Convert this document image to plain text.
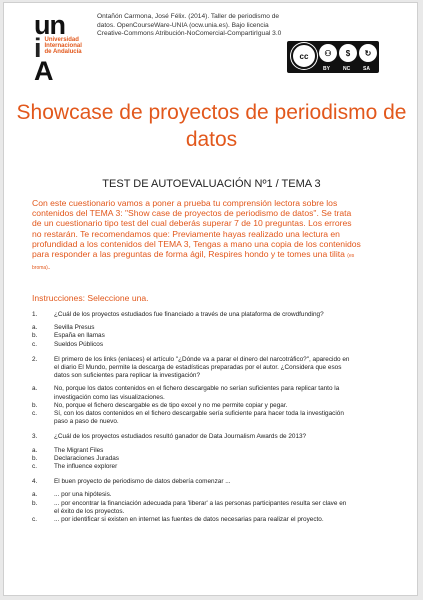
un
i Universidad
Internacional
de Andalucía
A
Ontañón Carmona, José Félix. (2014). Taller de periodismo de datos. OpenCourseWare-UNIA (ocw.unia.es). Bajo licencia Creative-Commons Atribución-NoComercial-CompartirIgual 3.0
cc	⚇	$	↻
BY	NC	SA
Showcase de proyectos de periodismo de datos
TEST DE AUTOEVALUACIÓN Nº1 / TEMA 3
Con este cuestionario vamos a poner a prueba tu comprensión lectora sobre los contenidos del TEMA 3: "Show case de proyectos de periodismo de datos". Se trata de un cuestionario tipo test del cual deberás superar 7 de 10 preguntas. Los errores no restarán. Te recomendamos que: Previamente hayas realizado una lectura en profundidad a los contenidos del TEMA 3, Tengas a mano una copia de los contenidos para responder a las preguntas de forma ágil, Respires hondo y te tomes una tilita (es broma).
Instrucciones: Seleccione una.
1.	¿Cuál de los proyectos estudiados fue financiado a través de una plataforma de crowdfunding?
a.	Sevilla Presus
b.	España en llamas
c.	Sueldos Públicos
2.	El primero de los links (enlaces) el artículo "¿Dónde va a parar el dinero del narcotráfico?", aparecido en el diario El Mundo, permite la descarga de estadísticas preparadas por el autor. ¿Considera que esos datos son suficientes para replicar la investigación?
a.	No, porque los datos contenidos en el fichero descargable no serían suficientes para replicar tanto la investigación como las visualizaciones.
b.	No, porque el fichero descargable es de tipo excel y no me permite copiar y pegar.
c.	Sí, con los datos contenidos en el fichero descargable sería suficiente para hacer toda la investigación paso a paso de nuevo.
3.	¿Cuál de los proyectos estudiados resultó ganador de Data Journalism Awards de 2013?
a.	The Migrant Files
b.	Declaraciones Juradas
c.	The influence explorer
4.	El buen proyecto de periodismo de datos debería comenzar ...
a.	... por una hipótesis.
b.	... por encontrar la financiación adecuada para 'liberar' a las personas participantes resulta ser clave en el éxito de los proyectos.
c.	... por identificar si existen en internet las fuentes de datos necesarias para realizar el proyecto.
